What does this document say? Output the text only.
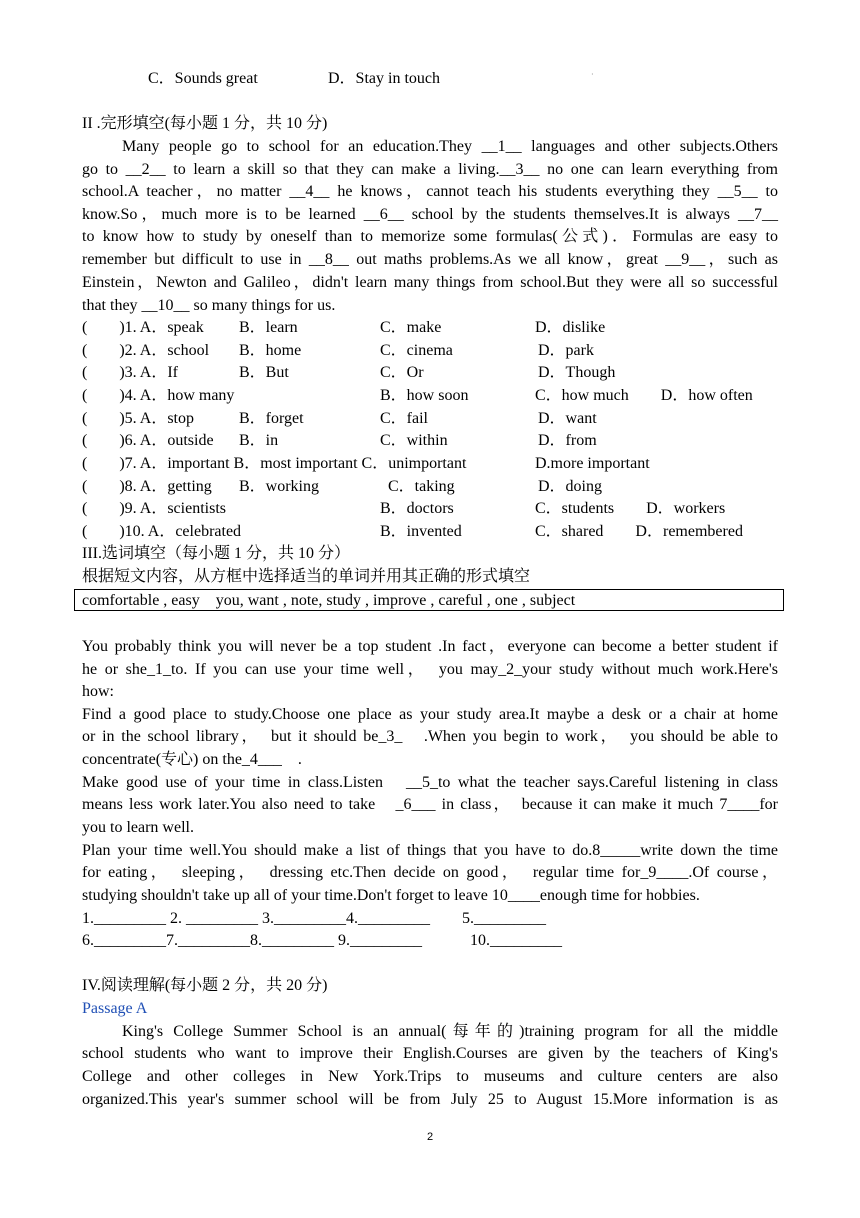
·
C．Sounds great	D．Stay in touch
II .完形填空(每小题 1 分，共 10 分)
Many people go to school for an education.They __1__ languages and other subjects.Others
go to __2__ to learn a skill so that they can make a living.__3__ no one can learn everything from
school.A teacher，no matter __4__ he knows，cannot teach his students everything they __5__ to
know.So，much more is to be learned __6__ school by the students themselves.It is always __7__
to know how to study by oneself than to memorize some formulas(公式)．Formulas are easy to
remember but difficult to use in __8__ out maths problems.As we all know，great __9__，such as
Einstein，Newton and Galileo，didn't learn many things from school.But they were all so successful
that they __10__ so many things for us.
(　　)1. A．speak B．learn	C．make	D．dislike
(　　)2. A．school B．home	C．cinema	D．park
(　　)3. A．If	B．But	C．Or	D．Though
(　　)4. A．how many	B．how soon	C．how much　　D．how often
(　　)5. A．stop	B．forget	C．fail	D．want
(　　)6. A．outside B．in	C．within	D．from
(　　)7. A．important B．most important C．unimportant	D.more important
(　　)8. A．getting B．working	C．taking	D．doing
(　　)9. A．scientists	B．doctors	C．students　　D．workers
(　　)10. A．celebrated	B．invented	C．shared　　D．remembered
III.选词填空（每小题 1 分，共 10 分）
根据短文内容，从方框中选择适当的单词并用其正确的形式填空
comfortable , easy　you, want , note, study , improve , careful , one , subject
You probably think you will never be a top student .In fact，everyone can become a better student if
he or she_1_to. If you can use your time well，　you may_2_your study without much work.Here's
how:
Find a good place to study.Choose one place as your study area.It maybe a desk or a chair at home
or in the school library，　but it should be_3_　.When you begin to work，　you should be able to
concentrate(专心) on the_4___　.
Make good use of your time in class.Listen　__5_to what the teacher says.Careful listening in class
means less work later.You also need to take　_6___ in class，　because it can make it much 7____for
you to learn well.
Plan your time well.You should make a list of things that you have to do.8_____write down the time
for eating，　sleeping，　dressing etc.Then decide on good，　regular time for_9____.Of course，
studying shouldn't take up all of your time.Don't forget to leave 10____enough time for hobbies.
1._________ 2. _________ 3._________4._________　　5._________
6._________7._________8._________ 9._________　　　10._________
IV.阅读理解(每小题 2 分，共 20 分)
Passage A
King's College Summer School is an annual(每年的)training program for all the middle
school students who want to improve their English.Courses are given by the teachers of King's
College and other colleges in New York.Trips to museums and culture centers are also
organized.This year's summer school will be from July 25 to August 15.More information is as
2
